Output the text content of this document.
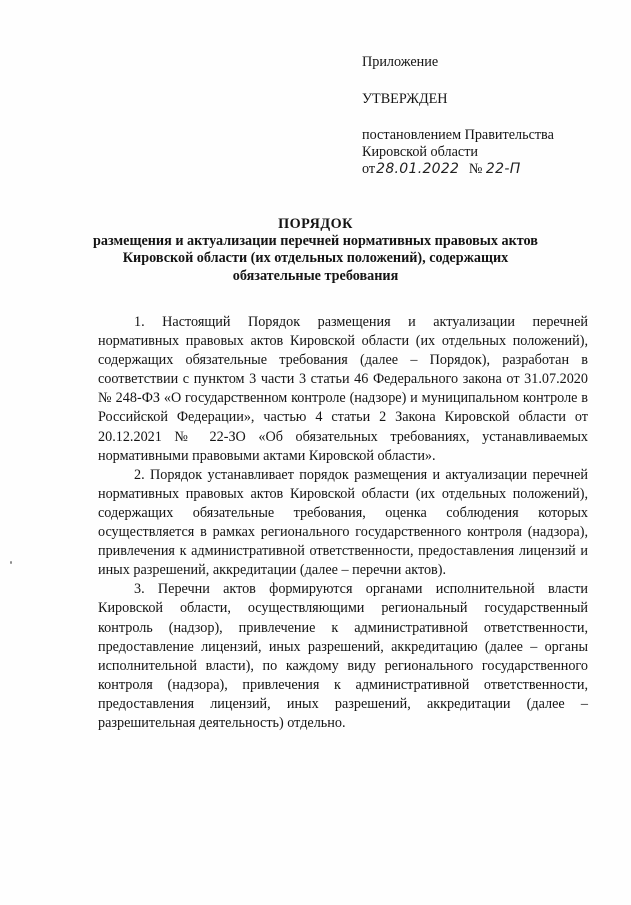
Приложение
УТВЕРЖДЕН
постановлением Правительства
Кировской области
от28.01.2022 № 22-П
ПОРЯДОК
размещения и актуализации перечней нормативных правовых актов
Кировской области (их отдельных положений), содержащих
обязательные требования

1. Настоящий Порядок размещения и актуализации перечней нормативных правовых актов Кировской области (их отдельных положений), содержащих обязательные требования (далее – Порядок), разработан в соответствии с пунктом 3 части 3 статьи 46 Федерального закона от 31.07.2020 № 248-ФЗ «О государственном контроле (надзоре) и муниципальном контроле в Российской Федерации», частью 4 статьи 2 Закона Кировской области от 20.12.2021 № 22-ЗО «Об обязательных требованиях, устанавливаемых нормативными правовыми актами Кировской области».

2. Порядок устанавливает порядок размещения и актуализации перечней нормативных правовых актов Кировской области (их отдельных положений), содержащих обязательные требования, оценка соблюдения которых осуществляется в рамках регионального государственного контроля (надзора), привлечения к административной ответственности, предоставления лицензий и иных разрешений, аккредитации (далее – перечни актов).

3. Перечни актов формируются органами исполнительной власти Кировской области, осуществляющими региональный государственный контроль (надзор), привлечение к административной ответственности, предоставление лицензий, иных разрешений, аккредитацию (далее – органы исполнительной власти), по каждому виду регионального государственного контроля (надзора), привлечения к административной ответственности, предоставления лицензий, иных разрешений, аккредитации (далее – разрешительная деятельность) отдельно.
